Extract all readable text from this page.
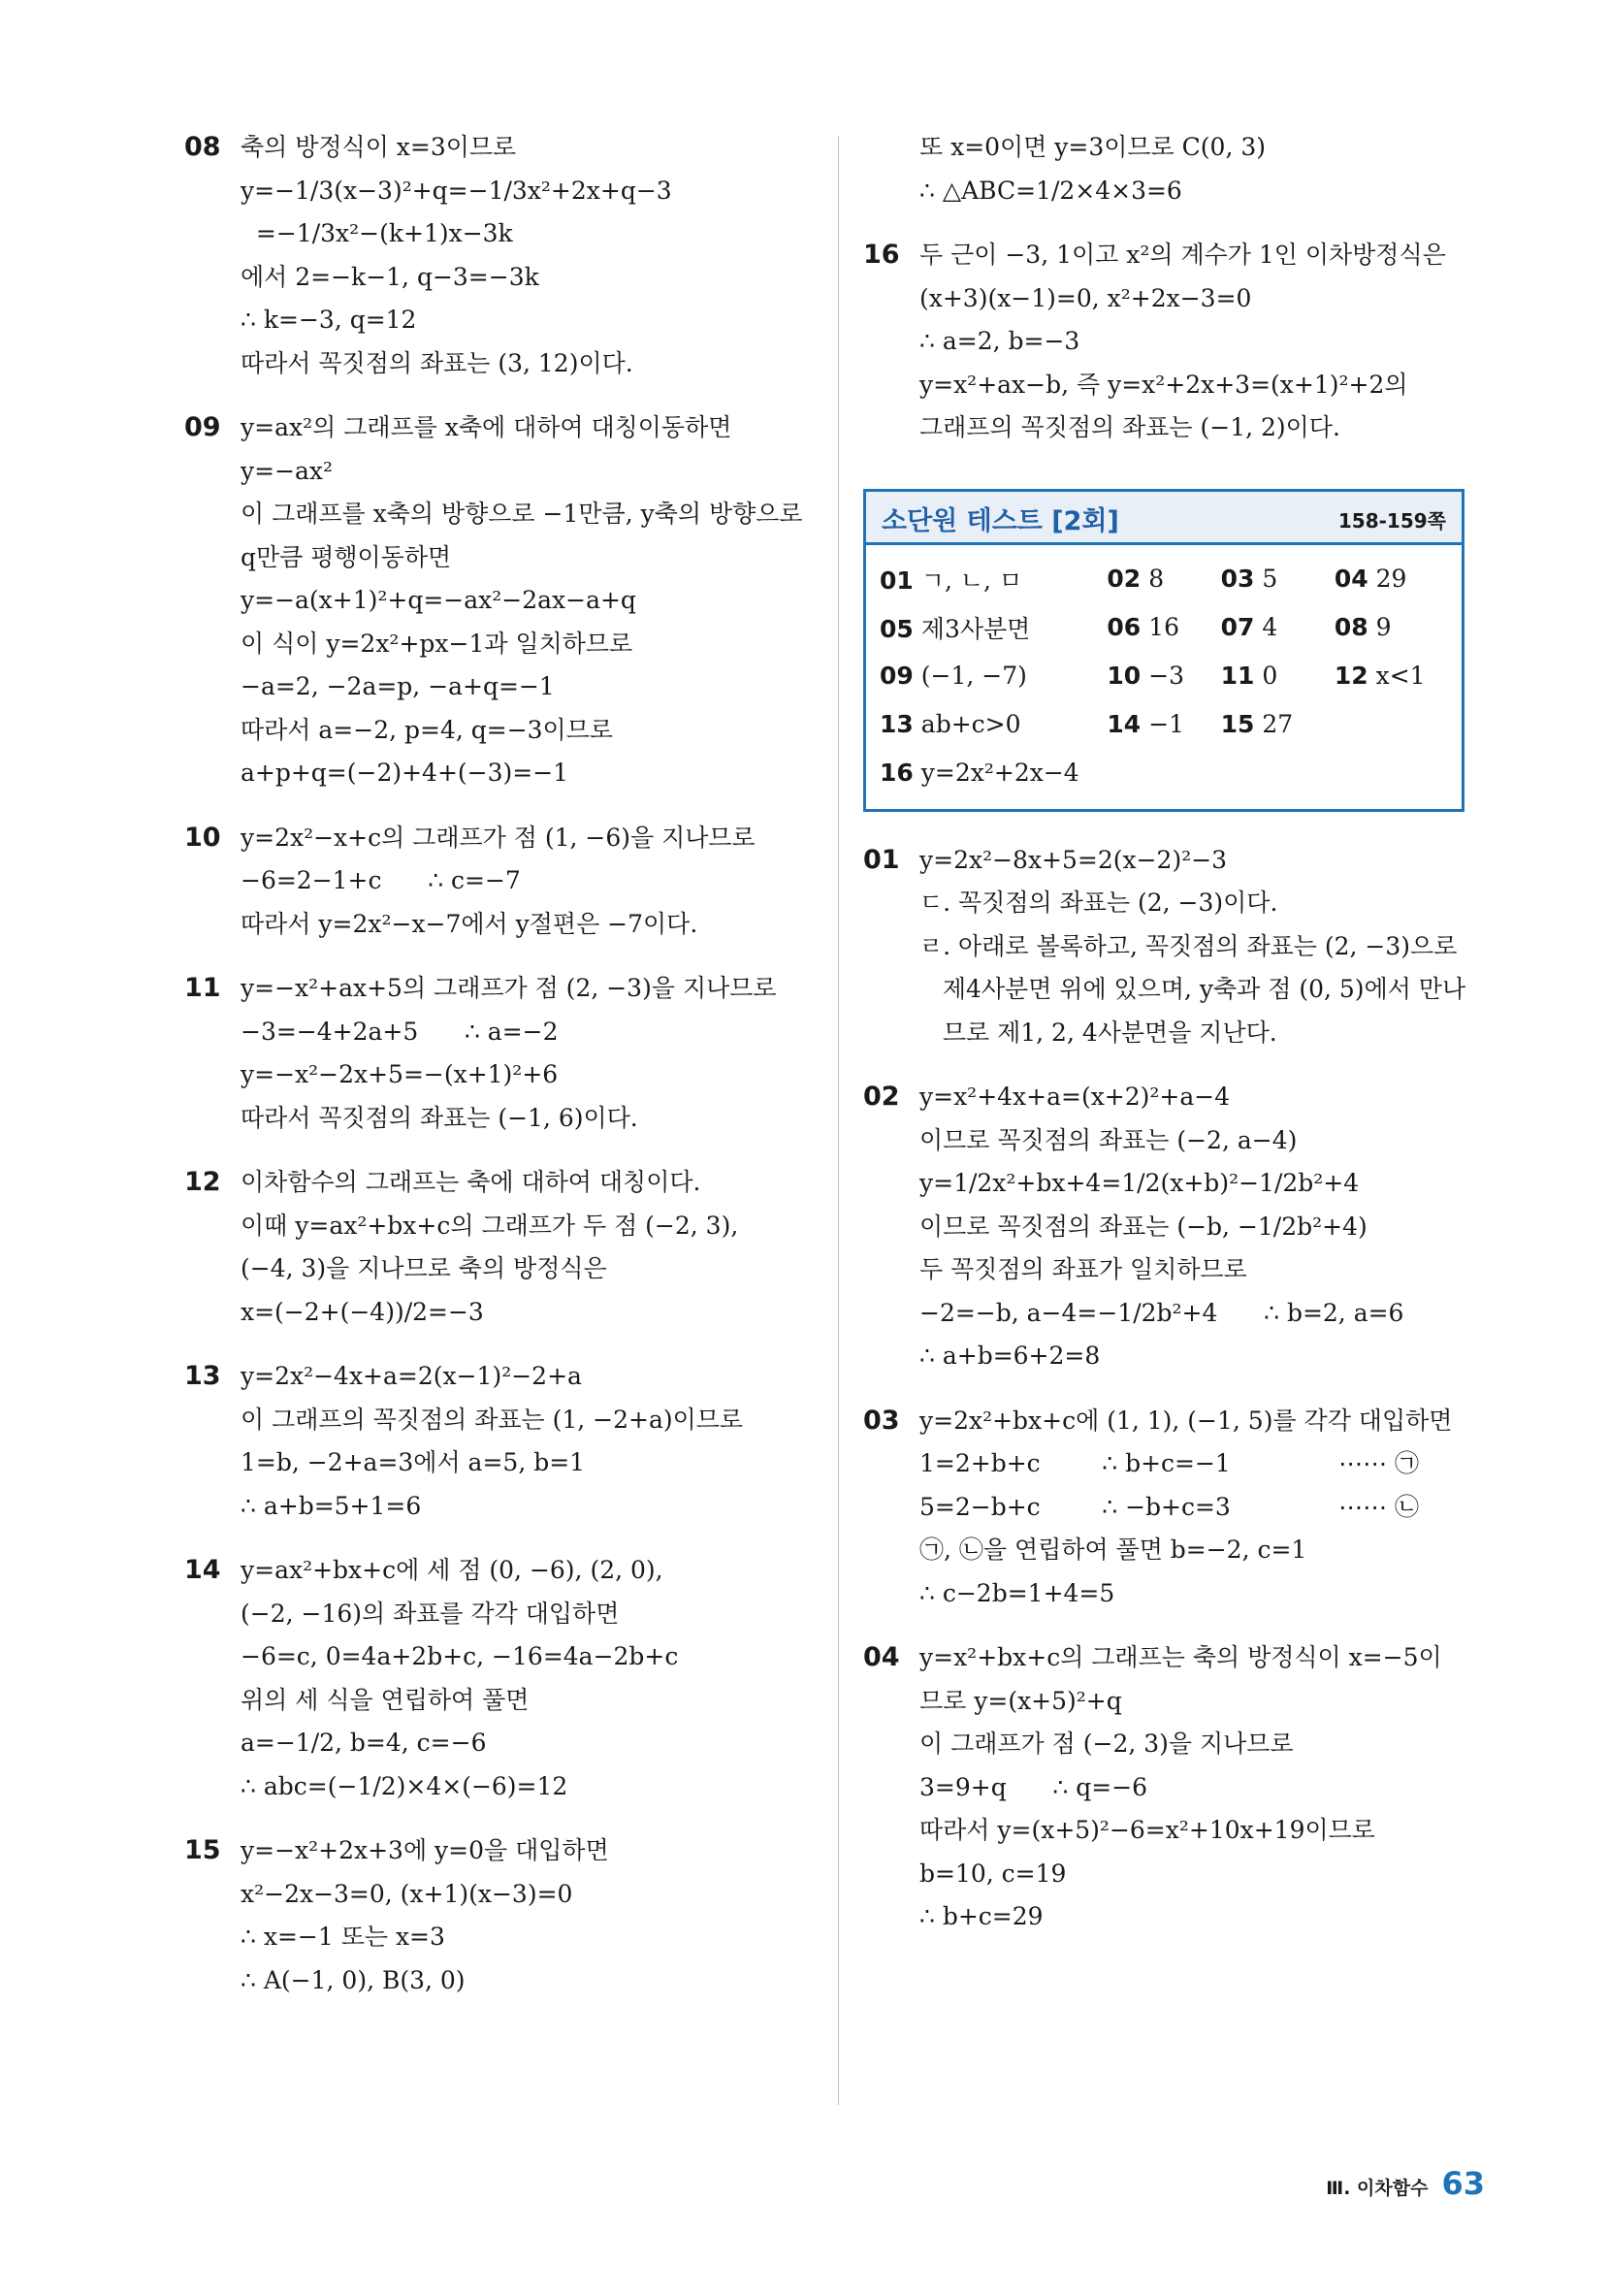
08 축의 방정식이 x=3이므로
y=−1/3(x−3)²+q=−1/3x²+2x+q−3
=−1/3x²−(k+1)x−3k
에서 2=−k−1, q−3=−3k
∴ k=−3, q=12
따라서 꼭짓점의 좌표는 (3, 12)이다.
09 y=ax²의 그래프를 x축에 대하여 대칭이동하면
y=−ax²
이 그래프를 x축의 방향으로 −1만큼, y축의 방향으로
q만큼 평행이동하면
y=−a(x+1)²+q=−ax²−2ax−a+q
이 식이 y=2x²+px−1과 일치하므로
−a=2, −2a=p, −a+q=−1
따라서 a=−2, p=4, q=−3이므로
a+p+q=(−2)+4+(−3)=−1
10 y=2x²−x+c의 그래프가 점 (1, −6)을 지나므로
−6=2−1+c      ∴ c=−7
따라서 y=2x²−x−7에서 y절편은 −7이다.
11 y=−x²+ax+5의 그래프가 점 (2, −3)을 지나므로
−3=−4+2a+5      ∴ a=−2
y=−x²−2x+5=−(x+1)²+6
따라서 꼭짓점의 좌표는 (−1, 6)이다.
12 이차함수의 그래프는 축에 대하여 대칭이다.
이때 y=ax²+bx+c의 그래프가 두 점 (−2, 3),
(−4, 3)을 지나므로 축의 방정식은
x=(−2+(−4))/2=−3
13 y=2x²−4x+a=2(x−1)²−2+a
이 그래프의 꼭짓점의 좌표는 (1, −2+a)이므로
1=b, −2+a=3에서 a=5, b=1
∴ a+b=5+1=6
14 y=ax²+bx+c에 세 점 (0, −6), (2, 0),
(−2, −16)의 좌표를 각각 대입하면
−6=c, 0=4a+2b+c, −16=4a−2b+c
위의 세 식을 연립하여 풀면
a=−1/2, b=4, c=−6
∴ abc=(−1/2)×4×(−6)=12
15 y=−x²+2x+3에 y=0을 대입하면
x²−2x−3=0, (x+1)(x−3)=0
∴ x=−1 또는 x=3
∴ A(−1, 0), B(3, 0)
또 x=0이면 y=3이므로 C(0, 3)
∴ △ABC=1/2×4×3=6
16 두 근이 −3, 1이고 x²의 계수가 1인 이차방정식은
(x+3)(x−1)=0, x²+2x−3=0
∴ a=2, b=−3
y=x²+ax−b, 즉 y=x²+2x+3=(x+1)²+2의
그래프의 꼭짓점의 좌표는 (−1, 2)이다.
소단원 테스트 [2회]	158-159쪽
01 ㄱ, ㄴ, ㅁ	02 8	03 5	04 29
05 제3사분면	06 16	07 4	08 9
09 (−1, −7)	10 −3	11 0	12 x<1
13 ab+c>0	14 −1	15 27
16 y=2x²+2x−4
01 y=2x²−8x+5=2(x−2)²−3
ㄷ. 꼭짓점의 좌표는 (2, −3)이다.
ㄹ. 아래로 볼록하고, 꼭짓점의 좌표는 (2, −3)으로
제4사분면 위에 있으며, y축과 점 (0, 5)에서 만나
므로 제1, 2, 4사분면을 지난다.
02 y=x²+4x+a=(x+2)²+a−4
이므로 꼭짓점의 좌표는 (−2, a−4)
y=1/2x²+bx+4=1/2(x+b)²−1/2b²+4
이므로 꼭짓점의 좌표는 (−b, −1/2b²+4)
두 꼭짓점의 좌표가 일치하므로
−2=−b, a−4=−1/2b²+4      ∴ b=2, a=6
∴ a+b=6+2=8
03 y=2x²+bx+c에 (1, 1), (−1, 5)를 각각 대입하면
1=2+b+c        ∴ b+c=−1              ⋯⋯ ㉠
5=2−b+c        ∴ −b+c=3              ⋯⋯ ㉡
㉠, ㉡을 연립하여 풀면 b=−2, c=1
∴ c−2b=1+4=5
04 y=x²+bx+c의 그래프는 축의 방정식이 x=−5이
므로 y=(x+5)²+q
이 그래프가 점 (−2, 3)을 지나므로
3=9+q      ∴ q=−6
따라서 y=(x+5)²−6=x²+10x+19이므로
b=10, c=19
∴ b+c=29
Ⅲ. 이차함수 63
